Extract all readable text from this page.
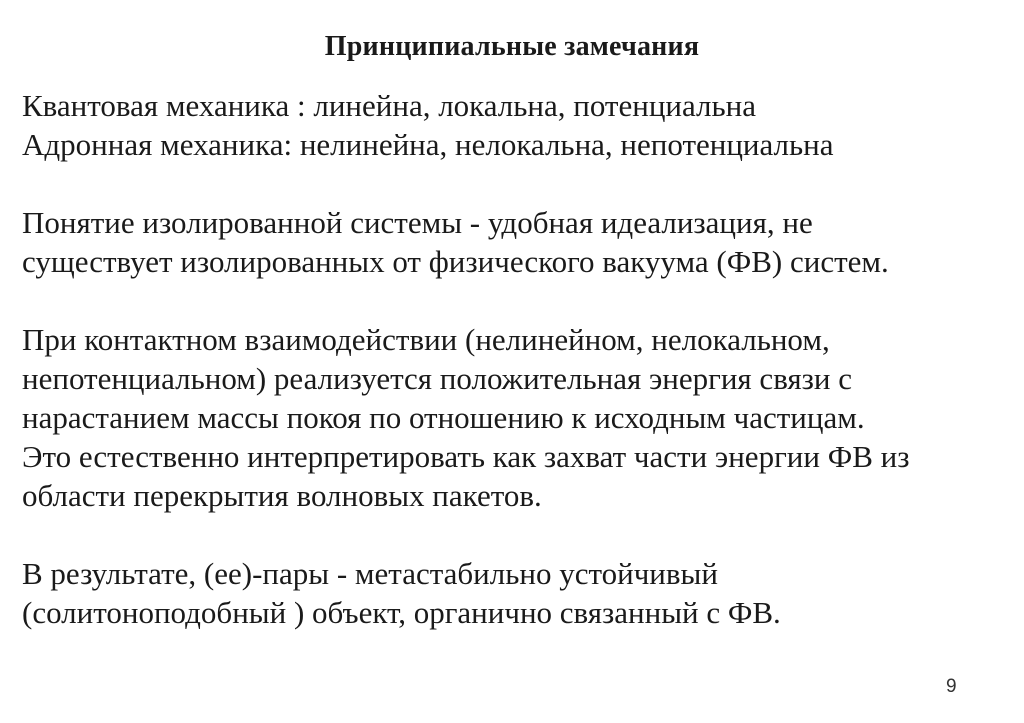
Принципиальные замечания
Квантовая механика : линейна, локальна, потенциальна
Адронная механика: нелинейна, нелокальна, непотенциальна
Понятие изолированной системы - удобная идеализация, не
существует изолированных от физического вакуума (ФВ) систем.
При контактном взаимодействии (нелинейном, нелокальном,
непотенциальном) реализуется положительная энергия связи с
нарастанием массы покоя по отношению к исходным частицам.
Это естественно интерпретировать как захват части энергии ФВ из
области перекрытия волновых пакетов.
В результате, (ее)-пары - метастабильно устойчивый
(солитоноподобный ) объект, органично связанный с ФВ.
9
